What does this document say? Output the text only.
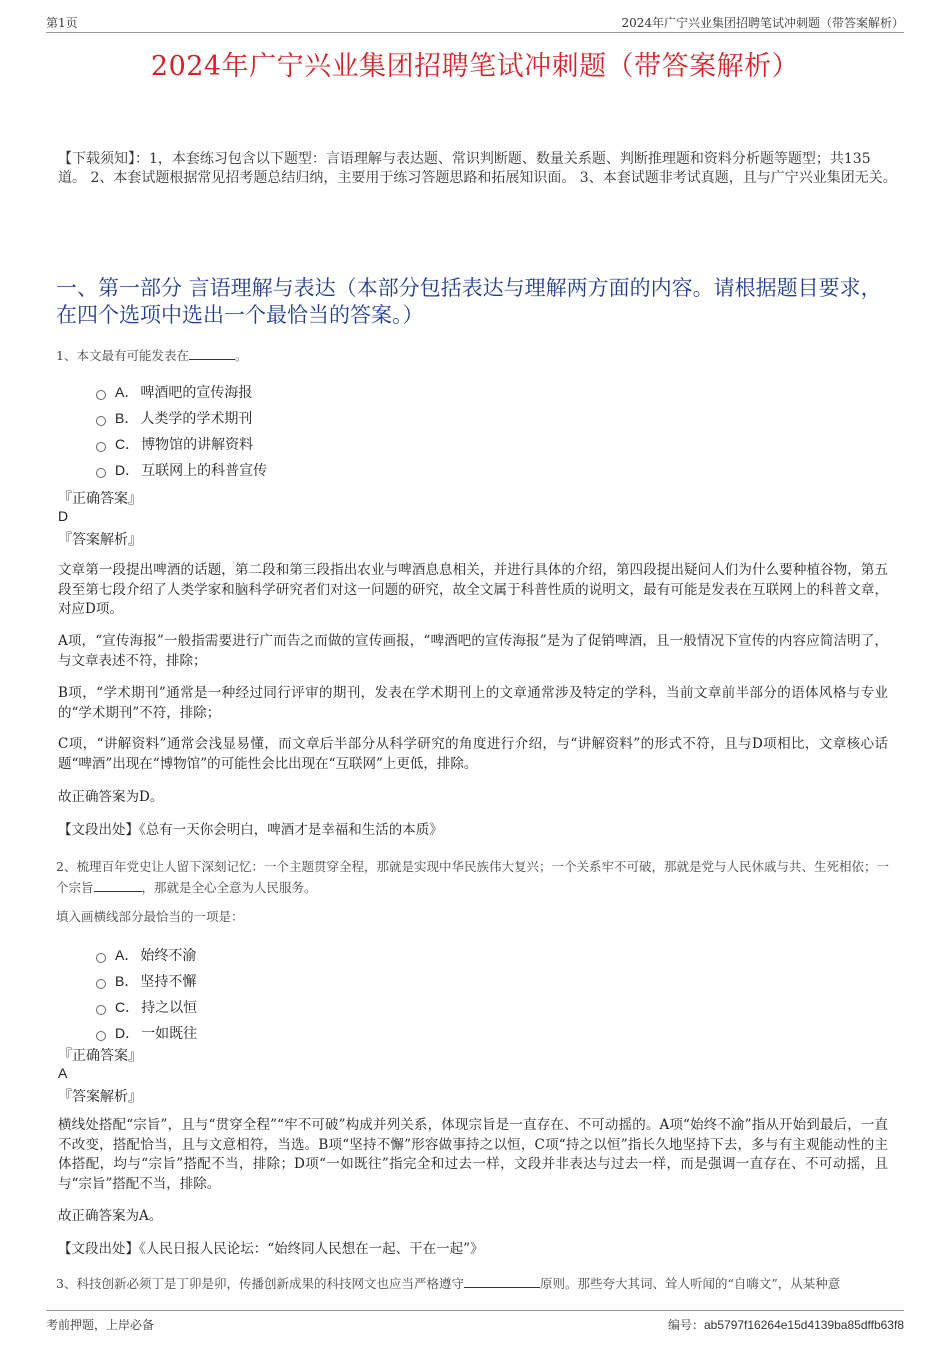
第1页	2024年广宁兴业集团招聘笔试冲刺题（带答案解析）
2024年广宁兴业集团招聘笔试冲刺题（带答案解析）
【下载须知】：1，本套练习包含以下题型：言语理解与表达题、常识判断题、数量关系题、判断推理题和资料分析题等题型；共135道。 2、本套试题根据常见招考题总结归纳，主要用于练习答题思路和拓展知识面。 3、本套试题非考试真题，且与广宁兴业集团无关。
一、第一部分 言语理解与表达（本部分包括表达与理解两方面的内容。请根据题目要求，在四个选项中选出一个最恰当的答案。）
1、本文最有可能发表在	。
A． 啤酒吧的宣传海报
B． 人类学的学术期刊
C． 博物馆的讲解资料
D． 互联网上的科普宣传
『正确答案』
D
『答案解析』
文章第一段提出啤酒的话题，第二段和第三段指出农业与啤酒息息相关，并进行具体的介绍，第四段提出疑问人们为什么要种植谷物，第五段至第七段介绍了人类学家和脑科学研究者们对这一问题的研究，故全文属于科普性质的说明文，最有可能是发表在互联网上的科普文章，对应D项。
A项，“宣传海报”一般指需要进行广而告之而做的宣传画报，“啤酒吧的宣传海报”是为了促销啤酒，且一般情况下宣传的内容应简洁明了，与文章表述不符，排除；
B项，“学术期刊”通常是一种经过同行评审的期刊，发表在学术期刊上的文章通常涉及特定的学科，当前文章前半部分的语体风格与专业的“学术期刊”不符，排除；
C项，“讲解资料”通常会浅显易懂，而文章后半部分从科学研究的角度进行介绍，与“讲解资料”的形式不符，且与D项相比，文章核心话题“啤酒”出现在“博物馆”的可能性会比出现在“互联网”上更低，排除。
故正确答案为D。
【文段出处】《总有一天你会明白，啤酒才是幸福和生活的本质》
2、梳理百年党史让人留下深刻记忆：一个主题贯穿全程，那就是实现中华民族伟大复兴；一个关系牢不可破，那就是党与人民休戚与共、生死相依；一个宗旨	，那就是全心全意为人民服务。
填入画横线部分最恰当的一项是：
A． 始终不渝
B． 坚持不懈
C． 持之以恒
D． 一如既往
『正确答案』
A
『答案解析』
横线处搭配“宗旨”，且与“贯穿全程”“牢不可破”构成并列关系，体现宗旨是一直存在、不可动摇的。A项“始终不渝”指从开始到最后，一直不改变，搭配恰当，且与文意相符，当选。B项“坚持不懈”形容做事持之以恒，C项“持之以恒”指长久地坚持下去，多与有主观能动性的主体搭配，均与“宗旨”搭配不当，排除；D项“一如既往”指完全和过去一样，文段并非表达与过去一样，而是强调一直存在、不可动摇，且与“宗旨”搭配不当，排除。
故正确答案为A。
【文段出处】《人民日报人民论坛：“始终同人民想在一起、干在一起”》
3、科技创新必须丁是丁卯是卯，传播创新成果的科技网文也应当严格遵守	原则。那些夸大其词、耸人听闻的“自嗨文”，从某种意
考前押题，上岸必备	编号：ab5797f16264e15d4139ba85dffb63f8
